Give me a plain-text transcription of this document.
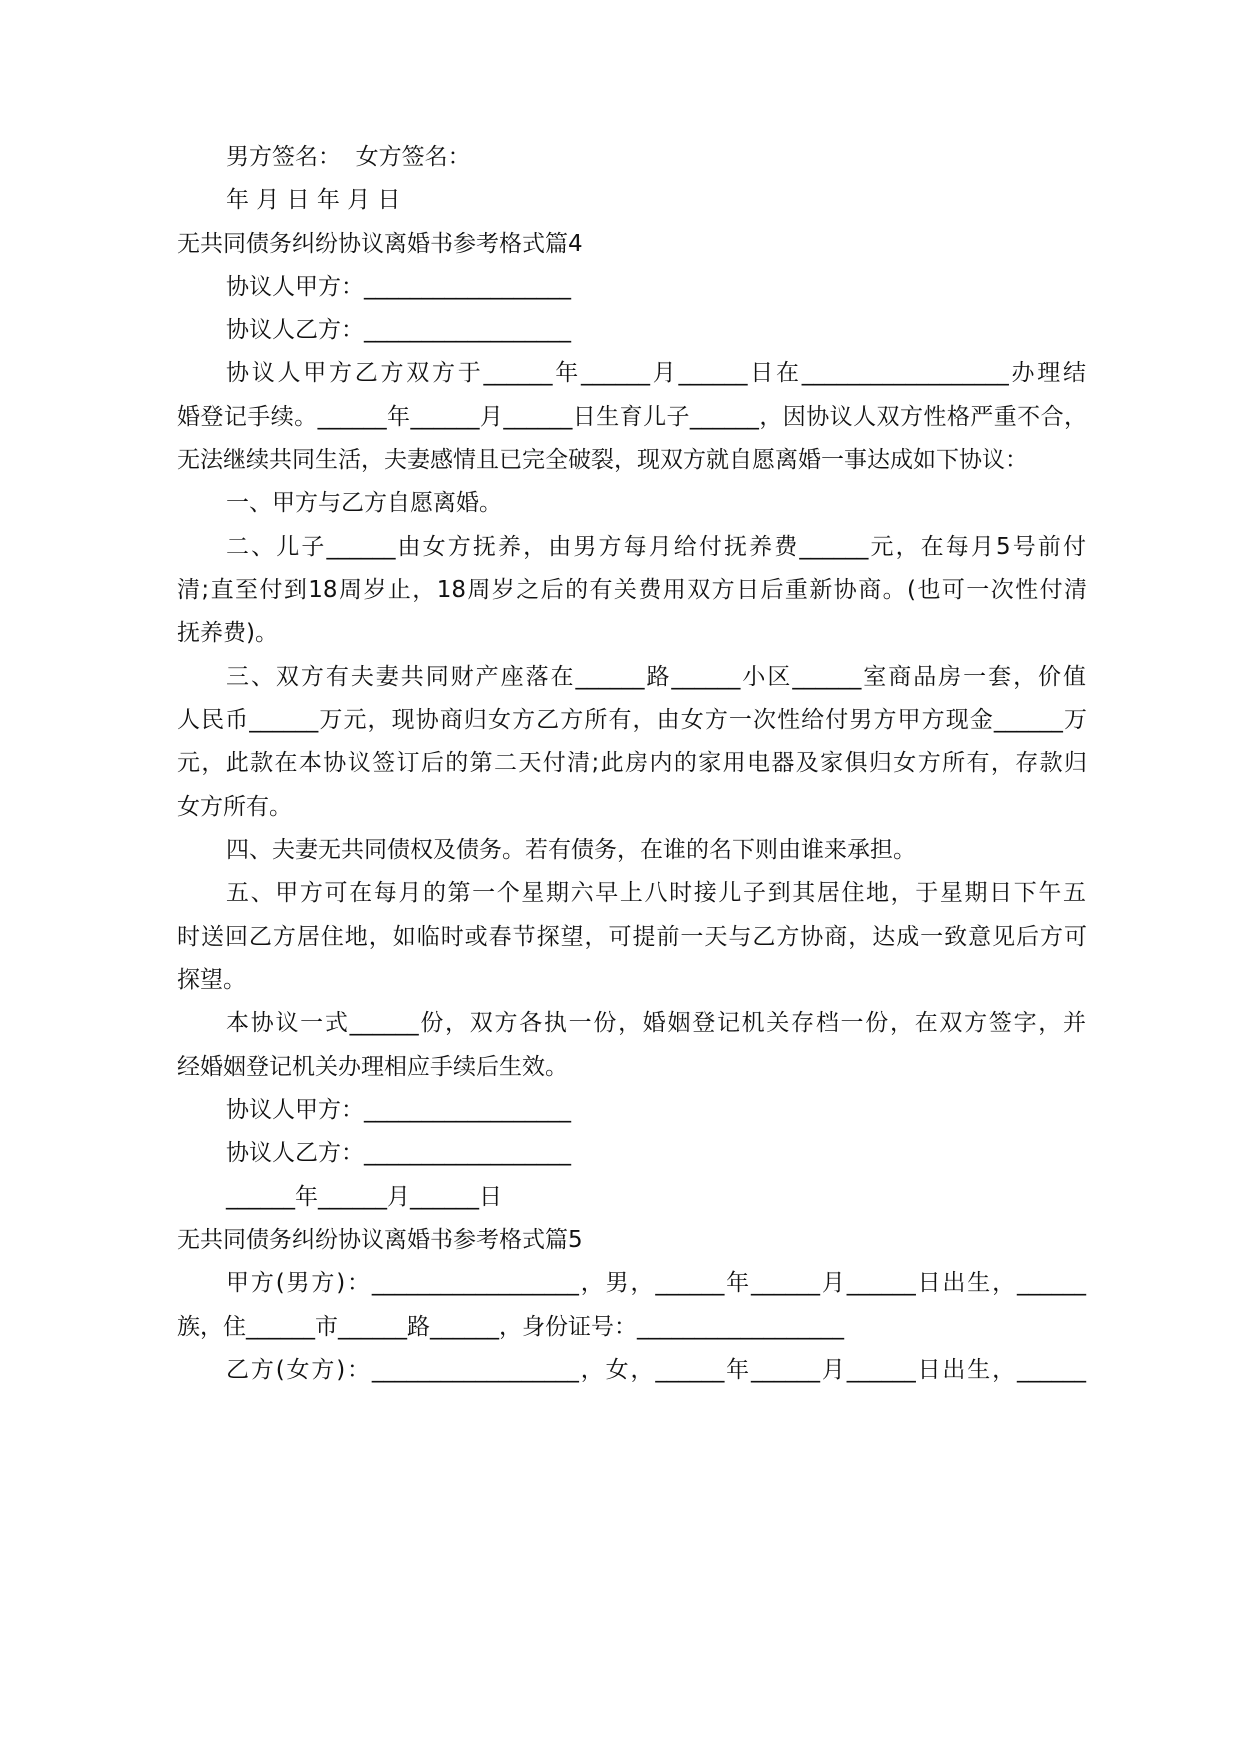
男方签名：  女方签名：

年 月 日 年 月 日

无共同债务纠纷协议离婚书参考格式篇4

协议人甲方：__________________

协议人乙方：__________________

协议人甲方乙方双方于______年______月______日在__________________办理结

婚登记手续。______年______月______日生育儿子______，因协议人双方性格严重不合，

无法继续共同生活，夫妻感情且已完全破裂，现双方就自愿离婚一事达成如下协议：

一、甲方与乙方自愿离婚。

二、儿子______由女方抚养，由男方每月给付抚养费______元，在每月5号前付

清;直至付到18周岁止，18周岁之后的有关费用双方日后重新协商。(也可一次性付清

抚养费)。

三、双方有夫妻共同财产座落在______路______小区______室商品房一套，价值

人民币______万元，现协商归女方乙方所有，由女方一次性给付男方甲方现金______万

元，此款在本协议签订后的第二天付清;此房内的家用电器及家俱归女方所有，存款归

女方所有。

四、夫妻无共同债权及债务。若有债务，在谁的名下则由谁来承担。

五、甲方可在每月的第一个星期六早上八时接儿子到其居住地，于星期日下午五

时送回乙方居住地，如临时或春节探望，可提前一天与乙方协商，达成一致意见后方可

探望。

本协议一式______份，双方各执一份，婚姻登记机关存档一份，在双方签字，并

经婚姻登记机关办理相应手续后生效。

协议人甲方：__________________

协议人乙方：__________________

______年______月______日

无共同债务纠纷协议离婚书参考格式篇5

甲方(男方)：__________________，男，______年______月______日出生，______

族，住______市______路______，身份证号：__________________

乙方(女方)：__________________，女，______年______月______日出生，______
